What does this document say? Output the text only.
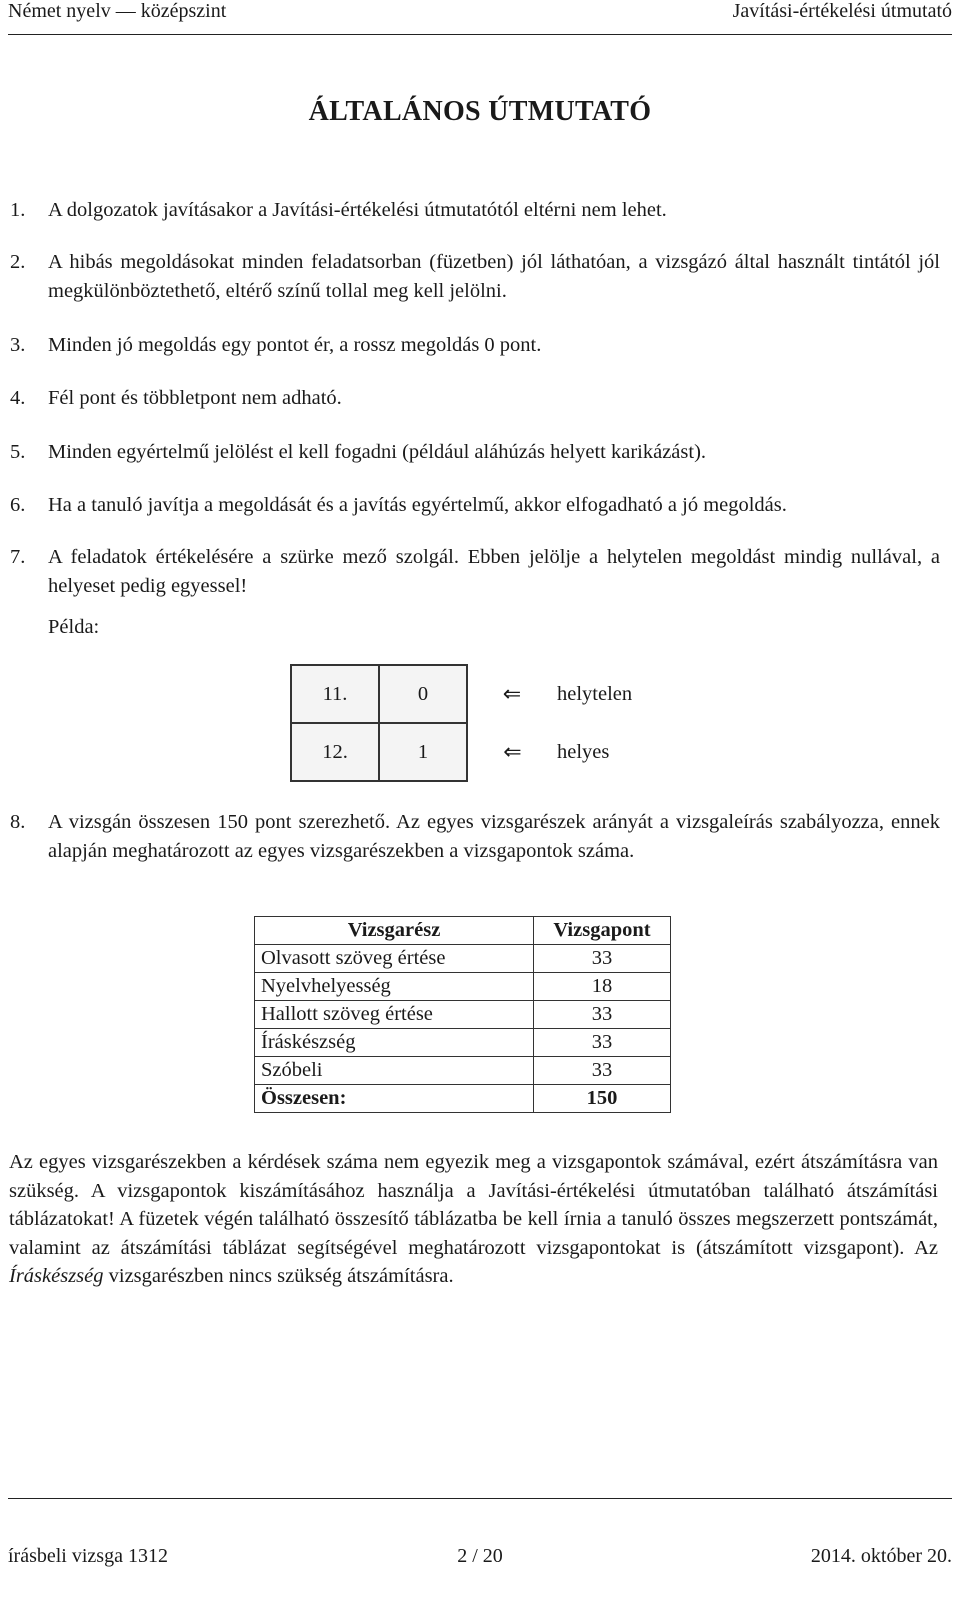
Német nyelv — középszint	Javítási-értékelési útmutató
ÁLTALÁNOS ÚTMUTATÓ
1. A dolgozatok javításakor a Javítási-értékelési útmutatótól eltérni nem lehet.
2. A hibás megoldásokat minden feladatsorban (füzetben) jól láthatóan, a vizsgázó által használt tintától jól megkülönböztethető, eltérő színű tollal meg kell jelölni.
3. Minden jó megoldás egy pontot ér, a rossz megoldás 0 pont.
4. Fél pont és többletpont nem adható.
5. Minden egyértelmű jelölést el kell fogadni (például aláhúzás helyett karikázást).
6. Ha a tanuló javítja a megoldását és a javítás egyértelmű, akkor elfogadható a jó megoldás.
7. A feladatok értékelésére a szürke mező szolgál. Ebben jelölje a helytelen megoldást mindig nullával, a helyeset pedig egyessel!
Példa:
11.	0	⇐	helytelen
12.	1	⇐	helyes
8. A vizsgán összesen 150 pont szerezhető. Az egyes vizsgarészek arányát a vizsgaleírás szabályozza, ennek alapján meghatározott az egyes vizsgarészekben a vizsgapontok száma.
Vizsgarész	Vizsgapont
Olvasott szöveg értése	33
Nyelvhelyesség	18
Hallott szöveg értése	33
Íráskészség	33
Szóbeli	33
Összesen:	150
Az egyes vizsgarészekben a kérdések száma nem egyezik meg a vizsgapontok számával, ezért átszámításra van szükség. A vizsgapontok kiszámításához használja a Javítási-értékelési útmutatóban található átszámítási táblázatokat! A füzetek végén található összesítő táblázatba be kell írnia a tanuló összes megszerzett pontszámát, valamint az átszámítási táblázat segítségével meghatározott vizsgapontokat is (átszámított vizsgapont). Az Íráskészség vizsgarészben nincs szükség átszámításra.
írásbeli vizsga 1312	2 / 20	2014. október 20.
